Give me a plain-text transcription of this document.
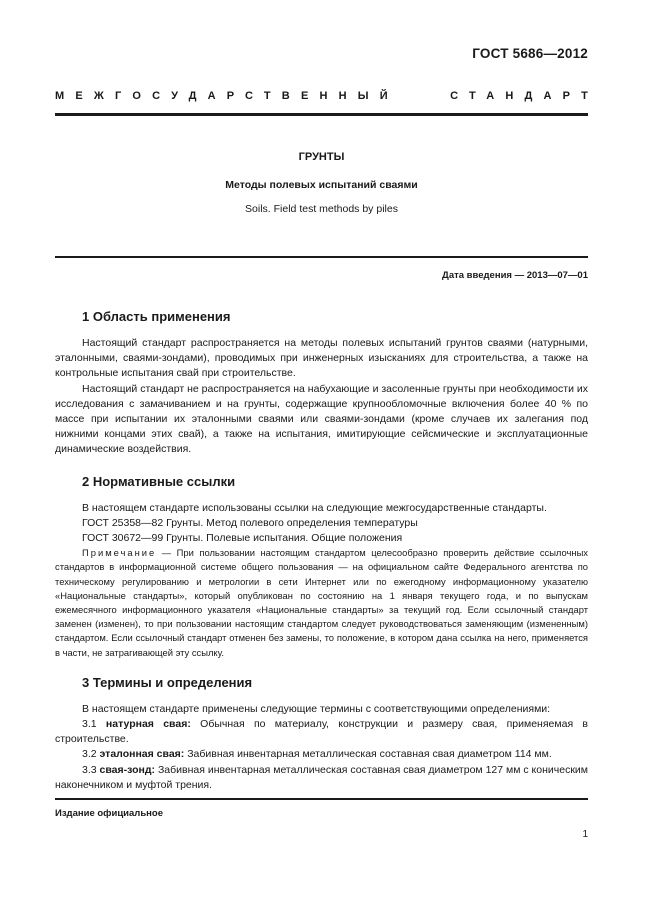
ГОСТ 5686—2012
МЕЖГОСУДАРСТВЕННЫЙ	СТАНДАРТ
ГРУНТЫ
Методы полевых испытаний сваями
Soils. Field test methods by piles
Дата введения — 2013—07—01
1 Область применения

Настоящий стандарт распространяется на методы полевых испытаний грунтов сваями (натурными, эталонными, сваями-зондами), проводимых при инженерных изысканиях для строительства, а также на контрольные испытания свай при строительстве.

Настоящий стандарт не распространяется на набухающие и засоленные грунты при необходимости их исследования с замачиванием и на грунты, содержащие крупнообломочные включения более 40 % по массе при испытании их эталонными сваями или сваями-зондами (кроме случаев их залегания под нижними концами этих свай), а также на испытания, имитирующие сейсмические и эксплуатационные динамические воздействия.

2 Нормативные ссылки

В настоящем стандарте использованы ссылки на следующие межгосударственные стандарты.

ГОСТ 25358—82 Грунты. Метод полевого определения температуры

ГОСТ 30672—99 Грунты. Полевые испытания. Общие положения

Примечание — При пользовании настоящим стандартом целесообразно проверить действие ссылочных стандартов в информационной системе общего пользования — на официальном сайте Федерального агентства по техническому регулированию и метрологии в сети Интернет или по ежегодному информационному указателю «Национальные стандарты», который опубликован по состоянию на 1 января текущего года, и по выпускам ежемесячного информационного указателя «Национальные стандарты» за текущий год. Если ссылочный стандарт заменен (изменен), то при пользовании настоящим стандартом следует руководствоваться заменяющим (измененным) стандартом. Если ссылочный стандарт отменен без замены, то положение, в котором дана ссылка на него, применяется в части, не затрагивающей эту ссылку.

3 Термины и определения

В настоящем стандарте применены следующие термины с соответствующими определениями:

3.1 натурная свая: Обычная по материалу, конструкции и размеру свая, применяемая в строительстве.

3.2 эталонная свая: Забивная инвентарная металлическая составная свая диаметром 114 мм.

3.3 свая-зонд: Забивная инвентарная металлическая составная свая диаметром 127 мм с коническим наконечником и муфтой трения.

Издание официальное
1
